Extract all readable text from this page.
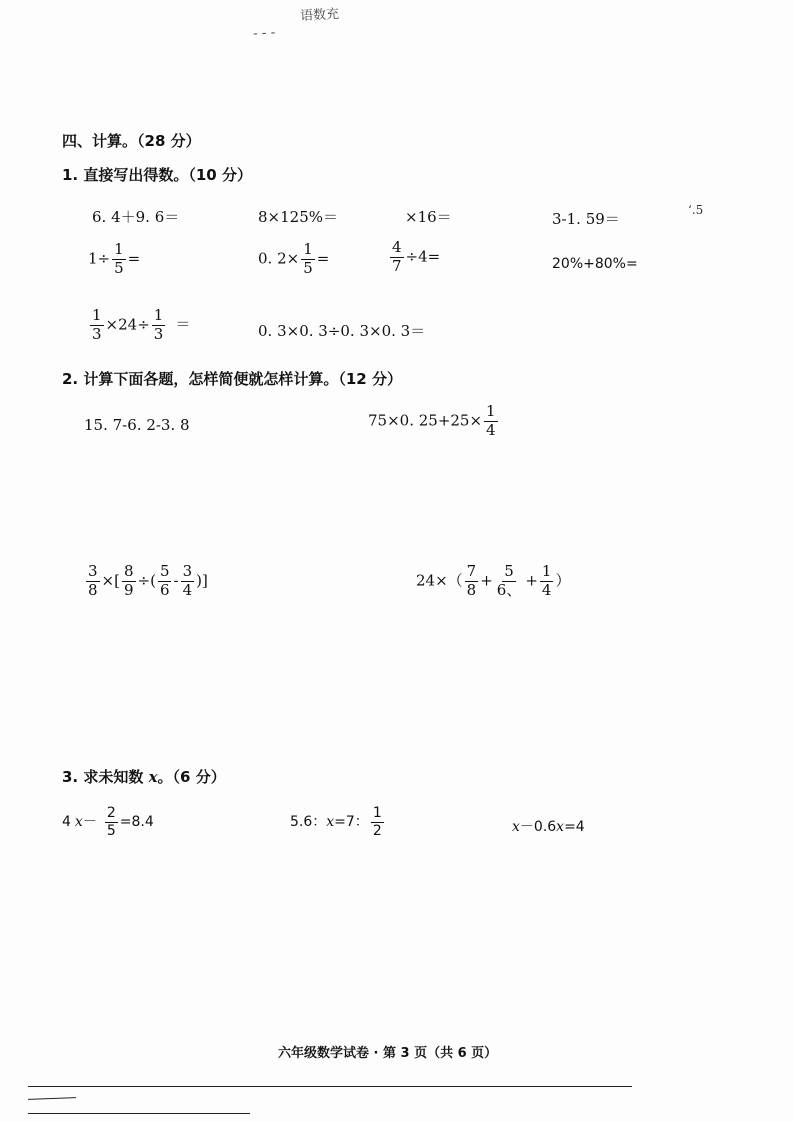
语数充
- - -
四、计算。（28 分）
1. 直接写出得数。（10 分）
6. 4＋9. 6＝	8×125%＝	×16＝	3-1. 59＝	ʻ.5
$1\div \frac{1}{5}$ =	0. $2\times \frac{1}{5}$ =	$\frac{4}{7} \div 4=$	20%+80%=
$\frac{1}{3} \times 24\div \frac{1}{3}$ ＝	0. 3×0. 3÷0. 3×0. 3＝
2. 计算下面各题，怎样简便就怎样计算。（12 分）
15. 7-6. 2-3. 8	75×0. $25+25\times \frac{1}{4}$
$\frac{3}{8}$ ×[ $\frac{8}{9}$ ÷( $\frac{5}{6} - \frac{3}{4}$ )]	$24\times( \frac{7}{8} + \frac{5}{6、} + \frac{1}{4}$ ）
3. 求未知数 x。（6 分）
4 $x- \frac{2}{5} =8.4$	5.6：x=7： $\frac{1}{2}$	x－0.6x=4
六年级数学试卷 · 第 3 页（共 6 页）
